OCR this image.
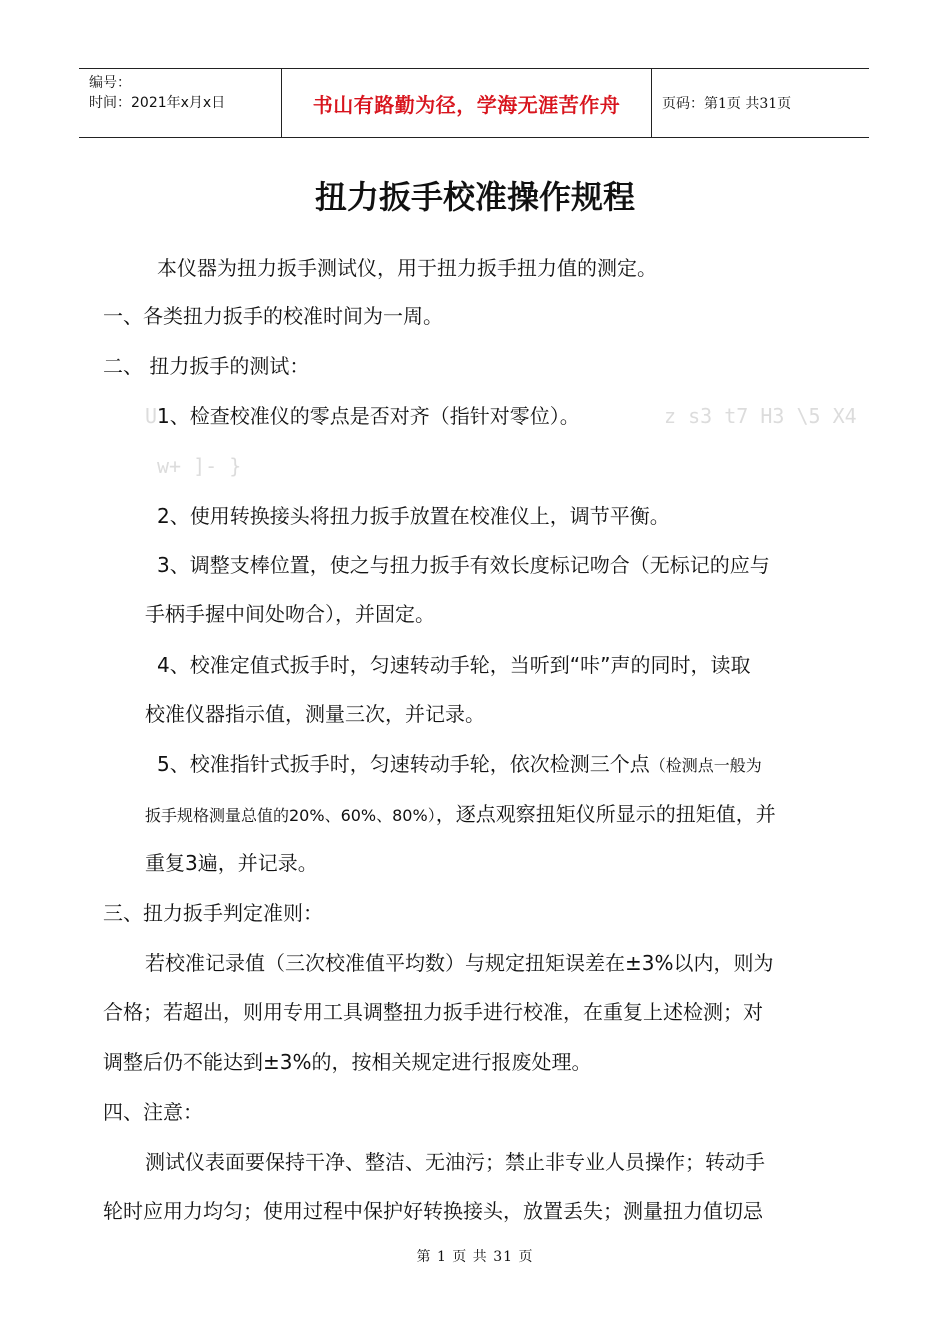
编号：
时间：2021年x月x日	书山有路勤为径，学海无涯苦作舟	页码：第1页 共31页
扭力扳手校准操作规程
本仪器为扭力扳手测试仪，用于扭力扳手扭力值的测定。
一、各类扭力扳手的校准时间为一周。
二、 扭力扳手的测试：
U 1、检查校准仪的零点是否对齐（指针对零位）。	z s3 t7 H3 \5 X4
w+ ]- }
2、使用转换接头将扭力扳手放置在校准仪上，调节平衡。
3、调整支棒位置，使之与扭力扳手有效长度标记吻合（无标记的应与
手柄手握中间处吻合），并固定。
4、校准定值式扳手时，匀速转动手轮，当听到“咔”声的同时，读取
校准仪器指示值，测量三次，并记录。
5、校准指针式扳手时，匀速转动手轮，依次检测三个点（检测点一般为
扳手规格测量总值的20%、60%、80%），逐点观察扭矩仪所显示的扭矩值，并
重复3遍，并记录。
三、扭力扳手判定准则：
若校准记录值（三次校准值平均数）与规定扭矩误差在±3%以内，则为
合格；若超出，则用专用工具调整扭力扳手进行校准，在重复上述检测；对
调整后仍不能达到±3%的，按相关规定进行报废处理。
四、注意：
测试仪表面要保持干净、整洁、无油污；禁止非专业人员操作；转动手
轮时应用力均匀；使用过程中保护好转换接头，放置丢失；测量扭力值切忌
第 1 页 共 31 页
